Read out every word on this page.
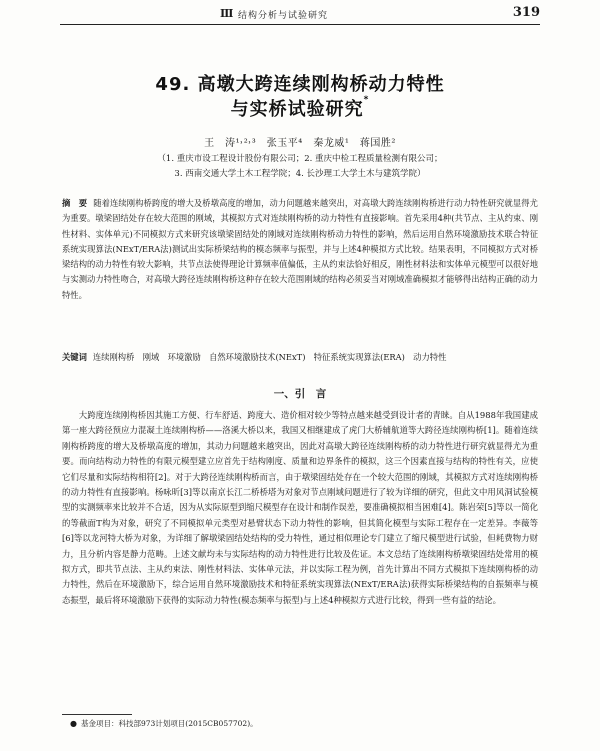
Ⅲ 结构分析与试验研究	319
49. 高墩大跨连续刚构桥动力特性
与实桥试验研究*
王　涛¹˒²˒³　张玉平⁴　秦龙威¹　蒋国胜²
（1. 重庆市设工程设计股份有限公司；2. 重庆中检工程质量检测有限公司；
3. 西南交通大学土木工程学院；4. 长沙理工大学土木与建筑学院）
摘　要 随着连续刚构桥跨度的增大及桥墩高度的增加，动力问题越来越突出，对高墩大跨连续刚构桥进行动力特性研究就显得尤为重要。墩梁固结处存在较大范围的刚域，其模拟方式对连续刚构桥的动力特性有直接影响。首先采用4种(共节点、主从约束、刚性材料、实体单元)不同模拟方式来研究该墩梁固结处的刚域对连续刚构桥动力特性的影响，然后运用自然环境激励技术联合特征系统实现算法(NExT/ERA法)测试出实际桥梁结构的模态频率与振型，并与上述4种模拟方式比较。结果表明，不同模拟方式对桥梁结构的动力特性有较大影响，共节点法使得理论计算频率值偏低，主从约束法恰好相反，刚性材料法和实体单元模型可以很好地与实测动力特性吻合，对高墩大跨径连续刚构桥这种存在较大范围刚域的结构必须妥当对刚域准确模拟才能够得出结构正确的动力特性。
关键词 连续刚构桥　刚域　环境激励　自然环境激励技术(NExT)　特征系统实现算法(ERA)　动力特性
一、引　言
大跨度连续刚构桥因其施工方便、行车舒适、跨度大、造价相对较少等特点越来越受到设计者的青睐。自从1988年我国建成第一座大跨径预应力混凝土连续刚构桥——洛溪大桥以来，我国又相继建成了虎门大桥辅航道等大跨径连续刚构桥[1]。随着连续刚构桥跨度的增大及桥墩高度的增加，其动力问题越来越突出，因此对高墩大跨径连续刚构桥的动力特性进行研究就显得尤为重要。而向结构动力特性的有限元模型建立应首先于结构刚度、质量和边界条件的模拟，这三个因素直接与结构的特性有关，应使它们尽量和实际结构相符[2]。对于大跨径连续刚构桥而言，由于墩梁固结处存在一个较大范围的刚域，其模拟方式对连续刚构桥的动力特性有直接影响。杨咏昕[3]等以南京长江二桥桥塔为对象对节点刚域问题进行了较为详细的研究，但此文中用风洞试验模型的实测频率来比较并不合适，因为从实际原型到缩尺模型存在设计和制作误差，要准确模拟相当困难[4]。陈岩荣[5]等以一简化的等截面T构为对象，研究了不同模拟单元类型对悬臂状态下动力特性的影响，但其简化模型与实际工程存在一定差异。李薇等[6]等以龙河特大桥为对象，为详细了解墩梁固结处结构的受力特性，通过相似理论专门建立了缩尺模型进行试验，但耗费物力财力，且分析内容是静力范畴。上述文献均未与实际结构的动力特性进行比较及佐证。本文总结了连续刚构桥墩梁固结处常用的模拟方式，即共节点法、主从约束法、刚性材料法、实体单元法，并以实际工程为例，首先计算出不同方式模拟下连续刚构桥的动力特性，然后在环境激励下，综合运用自然环境激励技术和特征系统实现算法(NExT/ERA法)获得实际桥梁结构的自振频率与模态振型，最后将环境激励下获得的实际动力特性(模态频率与振型)与上述4种模拟方式进行比较，得到一些有益的结论。
● 基金项目：科技部973计划项目(2015CB057702)。
